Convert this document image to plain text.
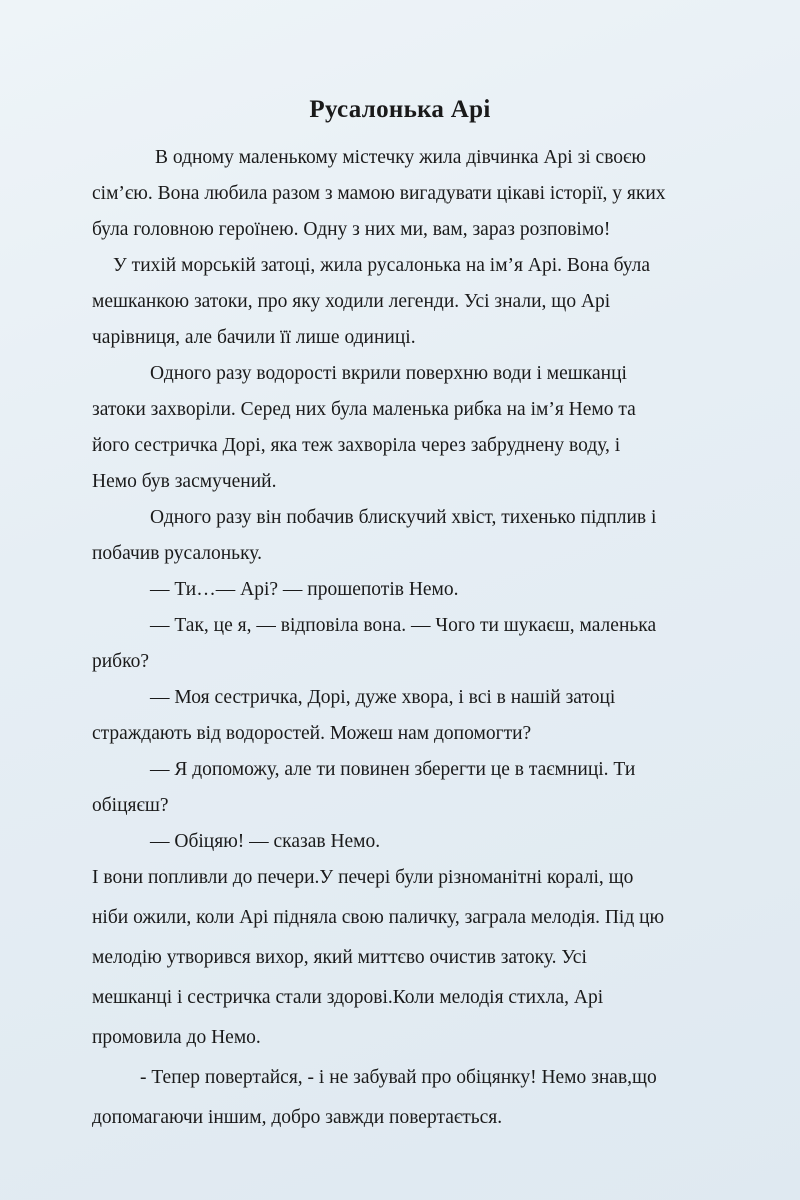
Русалонька Арі

В одному маленькому містечку жила дівчинка Арі зі своєю

сім’єю. Вона любила разом з мамою вигадувати цікаві історії, у яких

була головною героїнею. Одну з них ми, вам, зараз розповімо!

У тихій морській затоці, жила русалонька на ім’я Арі. Вона була

мешканкою затоки, про яку ходили легенди. Усі знали, що Арі

чарівниця, але бачили її лише одиниці.

Одного разу водорості вкрили поверхню води і мешканці

затоки захворіли. Серед них була маленька рибка на ім’я Немо та

його сестричка Дорі, яка теж захворіла через забруднену воду, і

Немо був засмучений.

Одного разу він побачив блискучий хвіст, тихенько підплив і

побачив русалоньку.

— Ти…— Арі? — прошепотів Немо.

— Так, це я, — відповіла вона. — Чого ти шукаєш, маленька

рибко?

— Моя сестричка, Дорі, дуже хвора, і всі в нашій затоці

страждають від водоростей. Можеш нам допомогти?

— Я допоможу, але ти повинен зберегти це в таємниці. Ти

обіцяєш?

— Обіцяю! — сказав Немо.

І вони попливли до печери.У печері були різноманітні коралі, що

ніби ожили, коли Арі підняла свою паличку, заграла мелодія. Під цю

мелодію утворився вихор, який миттєво очистив затоку. Усі

мешканці і сестричка стали здорові.Коли мелодія стихла, Арі

промовила до Немо.

- Тепер повертайся, - і не забувай про обіцянку! Немо знав,що

допомагаючи іншим, добро завжди повертається.
